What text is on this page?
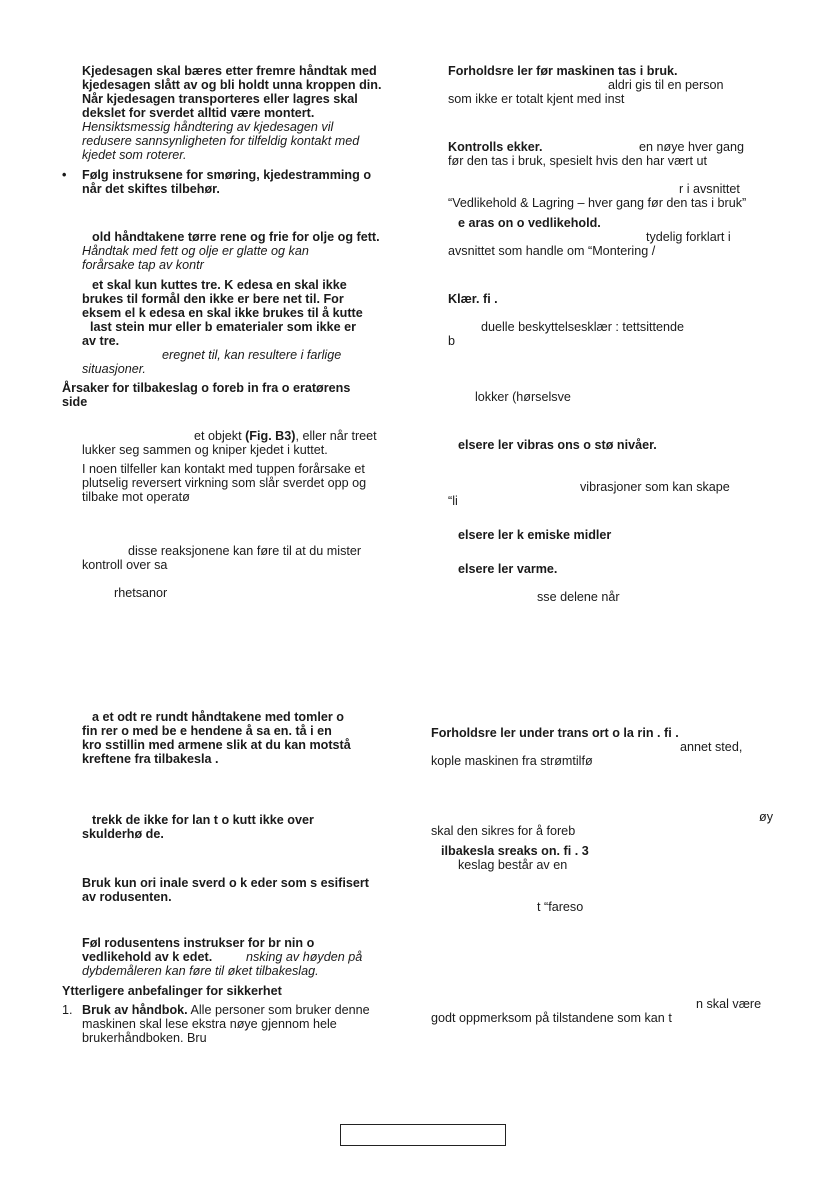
Kjedesagen skal bæres etter fremre håndtak med
kjedesagen slått av og bli holdt unna kroppen din.
Når kjedesagen transporteres eller lagres skal
dekslet for sverdet alltid være montert.
Hensiktsmessig håndtering av kjedesagen vil
redusere sannsynligheten for tilfeldig kontakt med
kjedet som roterer.
• Følg instruksene for smøring, kjedestramming o
når det skiftes tilbehør.
old håndtakene tørre rene og frie for olje og fett.
Håndtak med fett og olje er glatte og kan
forårsake tap av kontr
et skal kun kuttes tre. K edesa en skal ikke
brukes til formål den ikke er bere net til. For
eksem el k edesa en skal ikke brukes til å kutte
last stein mur eller b ematerialer som ikke er
av tre.
eregnet til, kan resultere i farlige
situasjoner.
Årsaker for tilbakeslag o foreb in fra o eratørens
side
et objekt (Fig. B3), eller når treet
lukker seg sammen og kniper kjedet i kuttet.
I noen tilfeller kan kontakt med tuppen forårsake et
plutselig reversert virkning som slår sverdet opp og
tilbake mot operatø
disse reaksjonene kan føre til at du mister
kontroll over sa
rhetsanor
a et odt re rundt håndtakene med tomler o
fin rer o med be e hendene å sa en. tå i en
kro sstillin med armene slik at du kan motstå
kreftene fra tilbakesla .
trekk de ikke for lan t o kutt ikke over
skulderhø de.
Bruk kun ori inale sverd o k eder som s esifisert
av rodusenten.
Føl rodusentens instrukser for br nin o
vedlikehold av k edet.	nsking av høyden på
dybdemåleren kan føre til øket tilbakeslag.
Ytterligere anbefalinger for sikkerhet
1. Bruk av håndbok. Alle personer som bruker denne
maskinen skal lese ekstra nøye gjennom hele
brukerhåndboken. Bru
Forholdsre ler før maskinen tas i bruk.
aldri gis til en person
som ikke er totalt kjent med inst
Kontrolls ekker.	en nøye hver gang
før den tas i bruk, spesielt hvis den har vært ut
r i avsnittet
“Vedlikehold & Lagring – hver gang før den tas i bruk”
e aras on o vedlikehold.
tydelig forklart i
avsnittet som handle om “Montering /
Klær. fi .
duelle beskyttelsesklær : tettsittende
b
lokker (hørselsve
elsere ler vibras ons o stø nivåer.
vibrasjoner som kan skape
“li
elsere ler k emiske midler
elsere ler varme.
sse delene når
Forholdsre ler under trans ort o la rin . fi .
annet sted,
kople maskinen fra strømtilfø
øy
skal den sikres for å foreb
ilbakesla sreaks on. fi . 3
keslag består av en
t “fareso
n skal være
godt oppmerksom på tilstandene som kan t
